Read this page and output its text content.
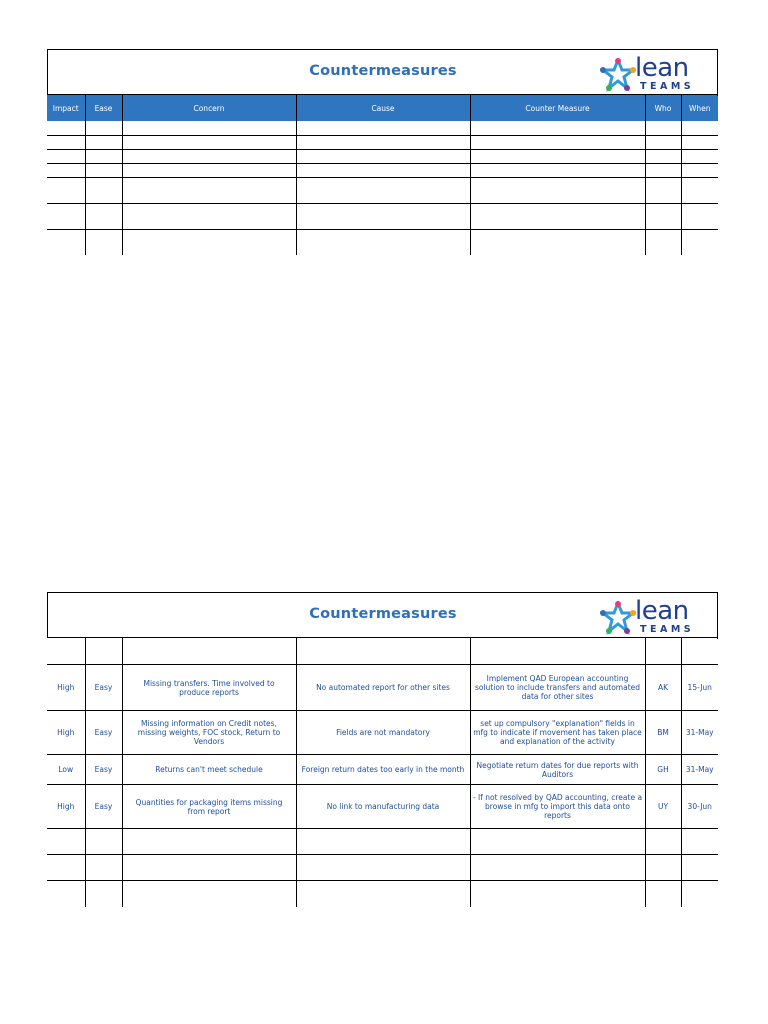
Countermeasures	lean
TEAMS
Impact	Ease	Concern	Cause	Counter Measure	Who	When

Countermeasures	lean
TEAMS

High	Easy	Missing transfers. Time involved to produce reports	No automated report for other sites	Implement QAD European accounting solution to include transfers and automated data for other sites	AK	15-Jun
High	Easy	Missing information on Credit notes, missing weights, FOC stock, Return to Vendors	Fields are not mandatory	set up compulsory "explanation" fields in mfg to indicate if movement has taken place and explanation of the activity	BM	31-May
Low	Easy	Returns can't meet schedule	Foreign return dates too early in the month	Negotiate return dates for due reports with Auditors	GH	31-May
High	Easy	Quantities for packaging items missing from report	No link to manufacturing data	- If not resolved by QAD accounting, create a browse in mfg to import this data onto reports	UY	30-Jun
